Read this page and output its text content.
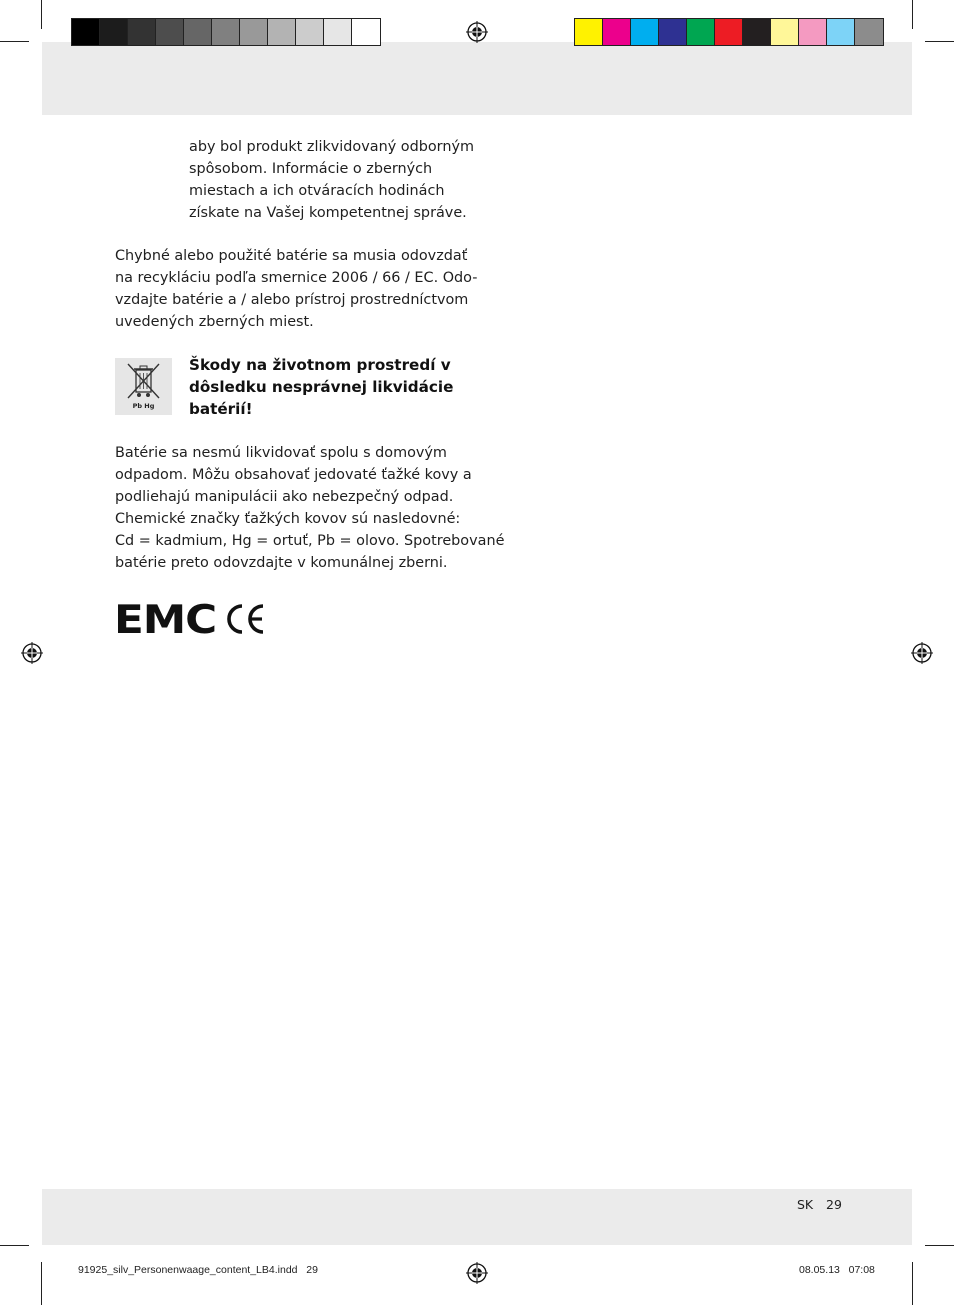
aby bol produkt zlikvidovaný odborným
spôsobom. Informácie o zberných
miestach a ich otváracích hodinách
získate na Vašej kompetentnej správe.
Chybné alebo použité batérie sa musia odovzdať
na recykláciu podľa smernice 2006 / 66 / EC. Odo-
vzdajte batérie a / alebo prístroj prostredníctvom
uvedených zberných miest.
Pb Hg
Škody na životnom prostredí v
dôsledku nesprávnej likvidácie
batérií!
Batérie sa nesmú likvidovať spolu s domovým
odpadom. Môžu obsahovať jedovaté ťažké kovy a
podliehajú manipulácii ako nebezpečný odpad.
Chemické značky ťažkých kovov sú nasledovné:
Cd = kadmium, Hg = ortuť, Pb = olovo. Spotrebované
batérie preto odovzdajte v komunálnej zberni.
EMC
SK 29
91925_silv_Personenwaage_content_LB4.indd   29	08.05.13   07:08
